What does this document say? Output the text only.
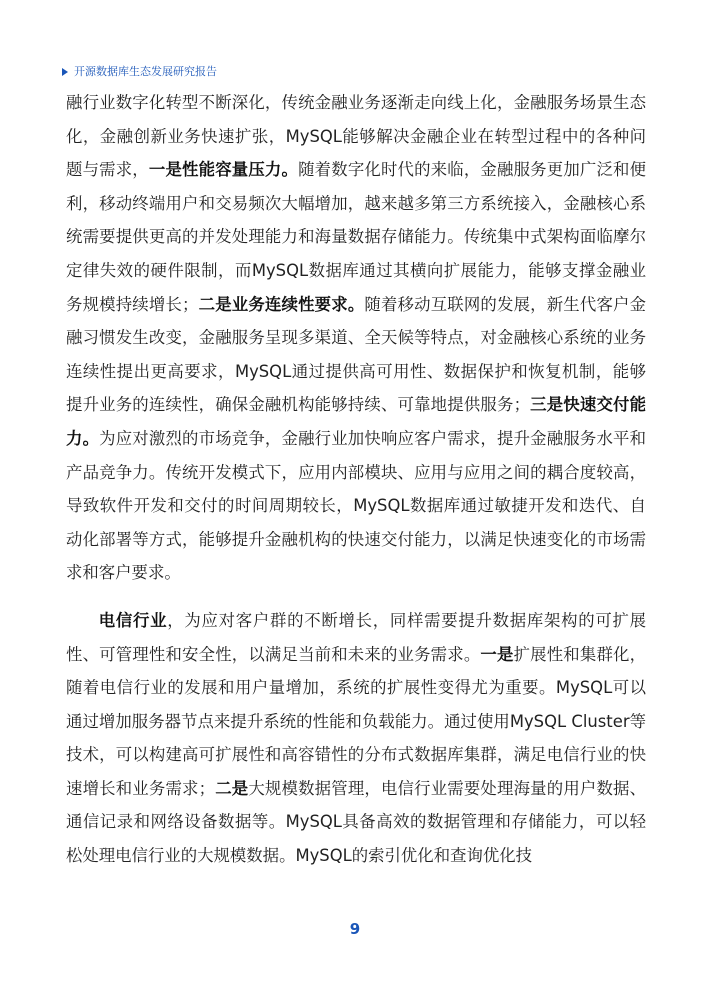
开源数据库生态发展研究报告

融行业数字化转型不断深化，传统金融业务逐渐走向线上化，金融服务场景生态化，金融创新业务快速扩张，MySQL能够解决金融企业在转型过程中的各种问题与需求，一是性能容量压力。随着数字化时代的来临，金融服务更加广泛和便利，移动终端用户和交易频次大幅增加，越来越多第三方系统接入，金融核心系统需要提供更高的并发处理能力和海量数据存储能力。传统集中式架构面临摩尔定律失效的硬件限制，而MySQL数据库通过其横向扩展能力，能够支撑金融业务规模持续增长；二是业务连续性要求。随着移动互联网的发展，新生代客户金融习惯发生改变，金融服务呈现多渠道、全天候等特点，对金融核心系统的业务连续性提出更高要求，MySQL通过提供高可用性、数据保护和恢复机制，能够提升业务的连续性，确保金融机构能够持续、可靠地提供服务；三是快速交付能力。为应对激烈的市场竞争，金融行业加快响应客户需求，提升金融服务水平和产品竞争力。传统开发模式下，应用内部模块、应用与应用之间的耦合度较高，导致软件开发和交付的时间周期较长，MySQL数据库通过敏捷开发和迭代、自动化部署等方式，能够提升金融机构的快速交付能力，以满足快速变化的市场需求和客户要求。

电信行业，为应对客户群的不断增长，同样需要提升数据库架构的可扩展性、可管理性和安全性，以满足当前和未来的业务需求。一是扩展性和集群化，随着电信行业的发展和用户量增加，系统的扩展性变得尤为重要。MySQL可以通过增加服务器节点来提升系统的性能和负载能力。通过使用MySQL Cluster等技术，可以构建高可扩展性和高容错性的分布式数据库集群，满足电信行业的快速增长和业务需求；二是大规模数据管理，电信行业需要处理海量的用户数据、通信记录和网络设备数据等。MySQL具备高效的数据管理和存储能力，可以轻松处理电信行业的大规模数据。MySQL的索引优化和查询优化技

9
